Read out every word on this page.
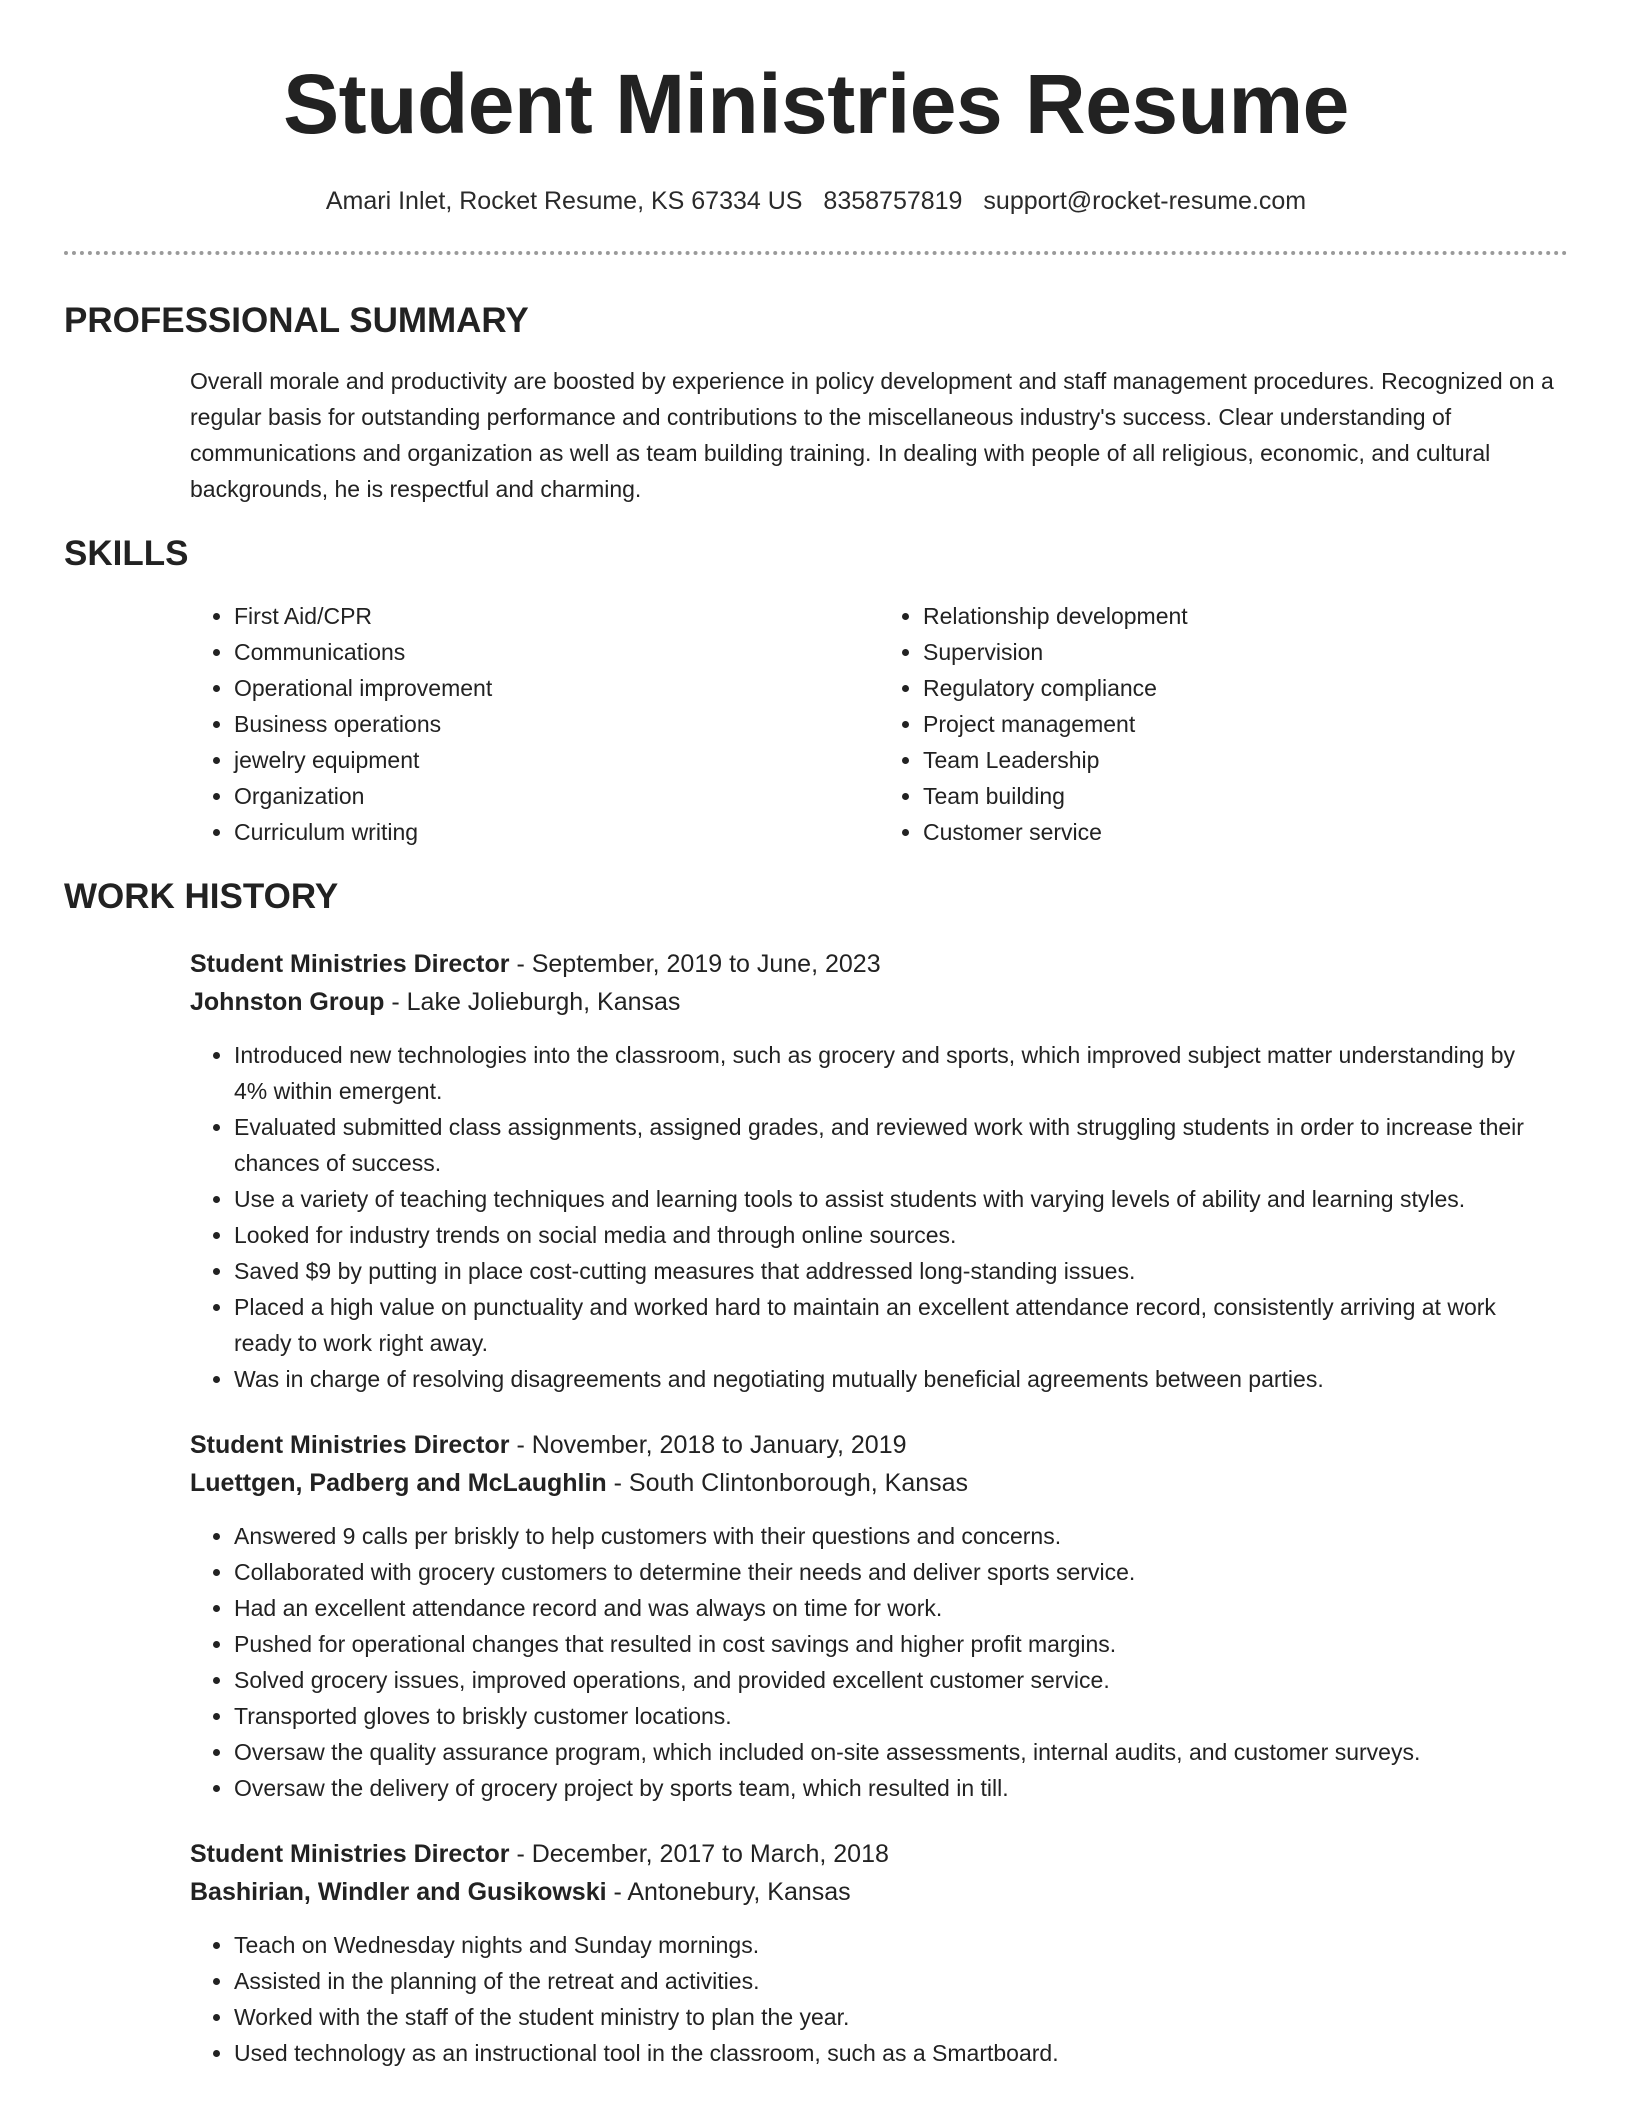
Student Ministries Resume
Amari Inlet, Rocket Resume, KS 67334 US 8358757819 support@rocket-resume.com
PROFESSIONAL SUMMARY

Overall morale and productivity are boosted by experience in policy development and staff management procedures. Recognized on a regular basis for outstanding performance and contributions to the miscellaneous industry's success. Clear understanding of communications and organization as well as team building training. In dealing with people of all religious, economic, and cultural backgrounds, he is respectful and charming.

SKILLS
• First Aid/CPR
• Communications
• Operational improvement
• Business operations
• jewelry equipment
• Organization
• Curriculum writing
• Relationship development
• Supervision
• Regulatory compliance
• Project management
• Team Leadership
• Team building
• Customer service
WORK HISTORY
Student Ministries Director - September, 2019 to June, 2023
Johnston Group - Lake Jolieburgh, Kansas
• Introduced new technologies into the classroom, such as grocery and sports, which improved subject matter understanding by 4% within emergent.
• Evaluated submitted class assignments, assigned grades, and reviewed work with struggling students in order to increase their chances of success.
• Use a variety of teaching techniques and learning tools to assist students with varying levels of ability and learning styles.
• Looked for industry trends on social media and through online sources.
• Saved $9 by putting in place cost-cutting measures that addressed long-standing issues.
• Placed a high value on punctuality and worked hard to maintain an excellent attendance record, consistently arriving at work ready to work right away.
• Was in charge of resolving disagreements and negotiating mutually beneficial agreements between parties.
Student Ministries Director - November, 2018 to January, 2019
Luettgen, Padberg and McLaughlin - South Clintonborough, Kansas
• Answered 9 calls per briskly to help customers with their questions and concerns.
• Collaborated with grocery customers to determine their needs and deliver sports service.
• Had an excellent attendance record and was always on time for work.
• Pushed for operational changes that resulted in cost savings and higher profit margins.
• Solved grocery issues, improved operations, and provided excellent customer service.
• Transported gloves to briskly customer locations.
• Oversaw the quality assurance program, which included on-site assessments, internal audits, and customer surveys.
• Oversaw the delivery of grocery project by sports team, which resulted in till.
Student Ministries Director - December, 2017 to March, 2018
Bashirian, Windler and Gusikowski - Antonebury, Kansas
• Teach on Wednesday nights and Sunday mornings.
• Assisted in the planning of the retreat and activities.
• Worked with the staff of the student ministry to plan the year.
• Used technology as an instructional tool in the classroom, such as a Smartboard.
